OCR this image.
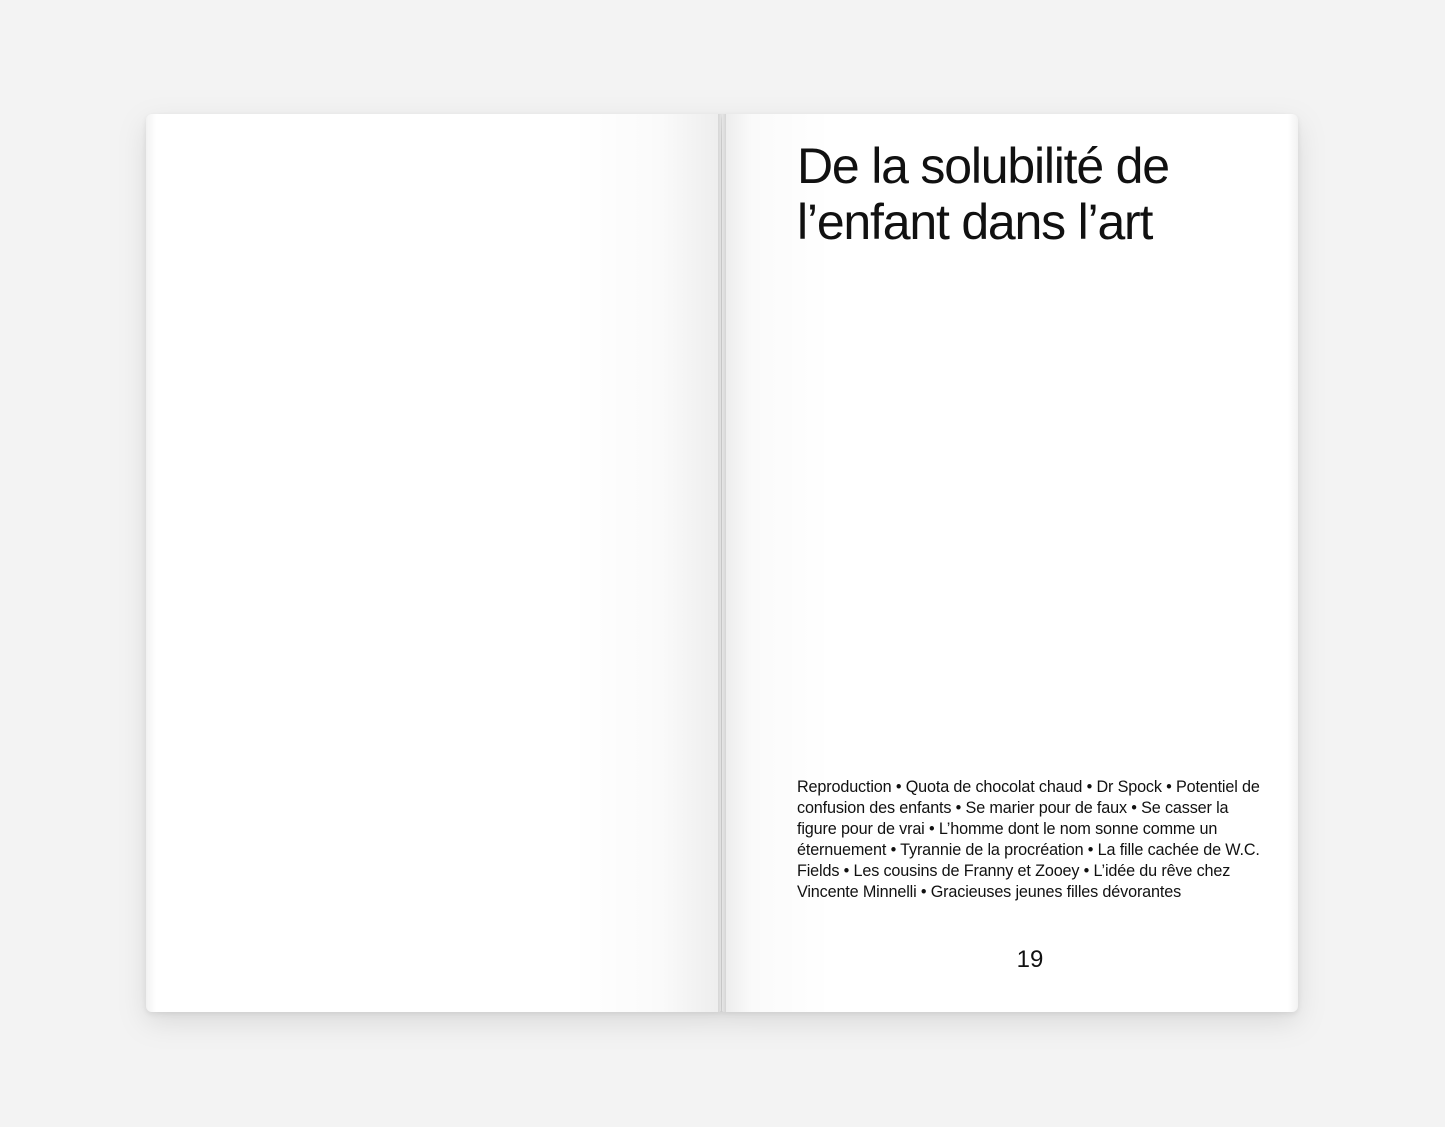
De la solubilité de l’enfant dans l’art

Reproduction • Quota de chocolat chaud • Dr Spock • Potentiel de confusion des enfants • Se marier pour de faux • Se casser la figure pour de vrai • L’homme dont le nom sonne comme un éternuement • Tyrannie de la procréation • La fille cachée de W.C. Fields • Les cousins de Franny et Zooey • L’idée du rêve chez Vincente Minnelli • Gracieuses jeunes filles dévorantes

19
